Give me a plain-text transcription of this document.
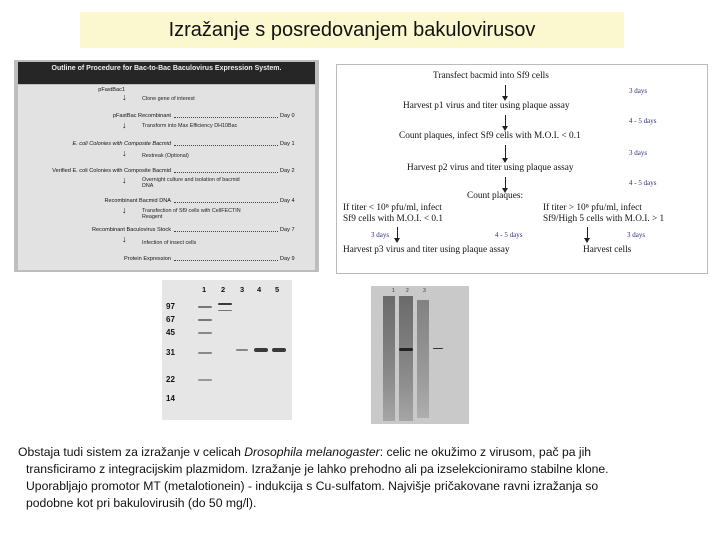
Izražanje s posredovanjem bakulovirusov
Outline of Procedure for Bac-to-Bac Baculovirus Expression System.
pFastBac1
↓	Clone gene of interest
pFastBac Recombinant	Day 0
↓	Transform into Max Efficiency DH10Bac
E. coli Colonies with Composite Bacmid	Day 1
↓	Restreak (Optional)
Verified E. coli Colonies with Composite Bacmid	Day 2
↓	Overnight culture and isolation of bacmid DNA
Recombinant Bacmid DNA	Day 4
↓	Transfection of Sf9 cells with CellFECTIN Reagent
Recombinant Baculovirus Stock	Day 7
↓	Infection of insect cells
Protein Expression	Day 9
Transfect bacmid into Sf9 cells
3 days
Harvest p1 virus and titer using plaque assay
4 - 5 days
Count plaques, infect Sf9 cells with M.O.I. < 0.1
3 days
Harvest p2 virus and titer using plaque assay
4 - 5 days
Count plaques:
If titer < 10⁸ pfu/ml, infect
Sf9 cells with M.O.I. < 0.1
If titer > 10⁸ pfu/ml, infect
Sf9/High 5 cells with M.O.I. > 1
3 days	3 days
Harvest p3 virus and titer using plaque assay
4 - 5 days
Harvest cells
1 2 3 4 5
97
67
45
31
22
14
1 2	3
Obstaja tudi sistem za izražanje v celicah Drosophila melanogaster: celic ne okužimo z virusom, pač pa jih
transficiramo z integracijskim plazmidom. Izražanje je lahko prehodno ali pa izselekcioniramo stabilne klone.
Uporabljajo promotor MT (metalotionein) - indukcija s Cu-sulfatom. Najvišje pričakovane ravni izražanja so
podobne kot pri bakulovirusih (do 50 mg/l).
